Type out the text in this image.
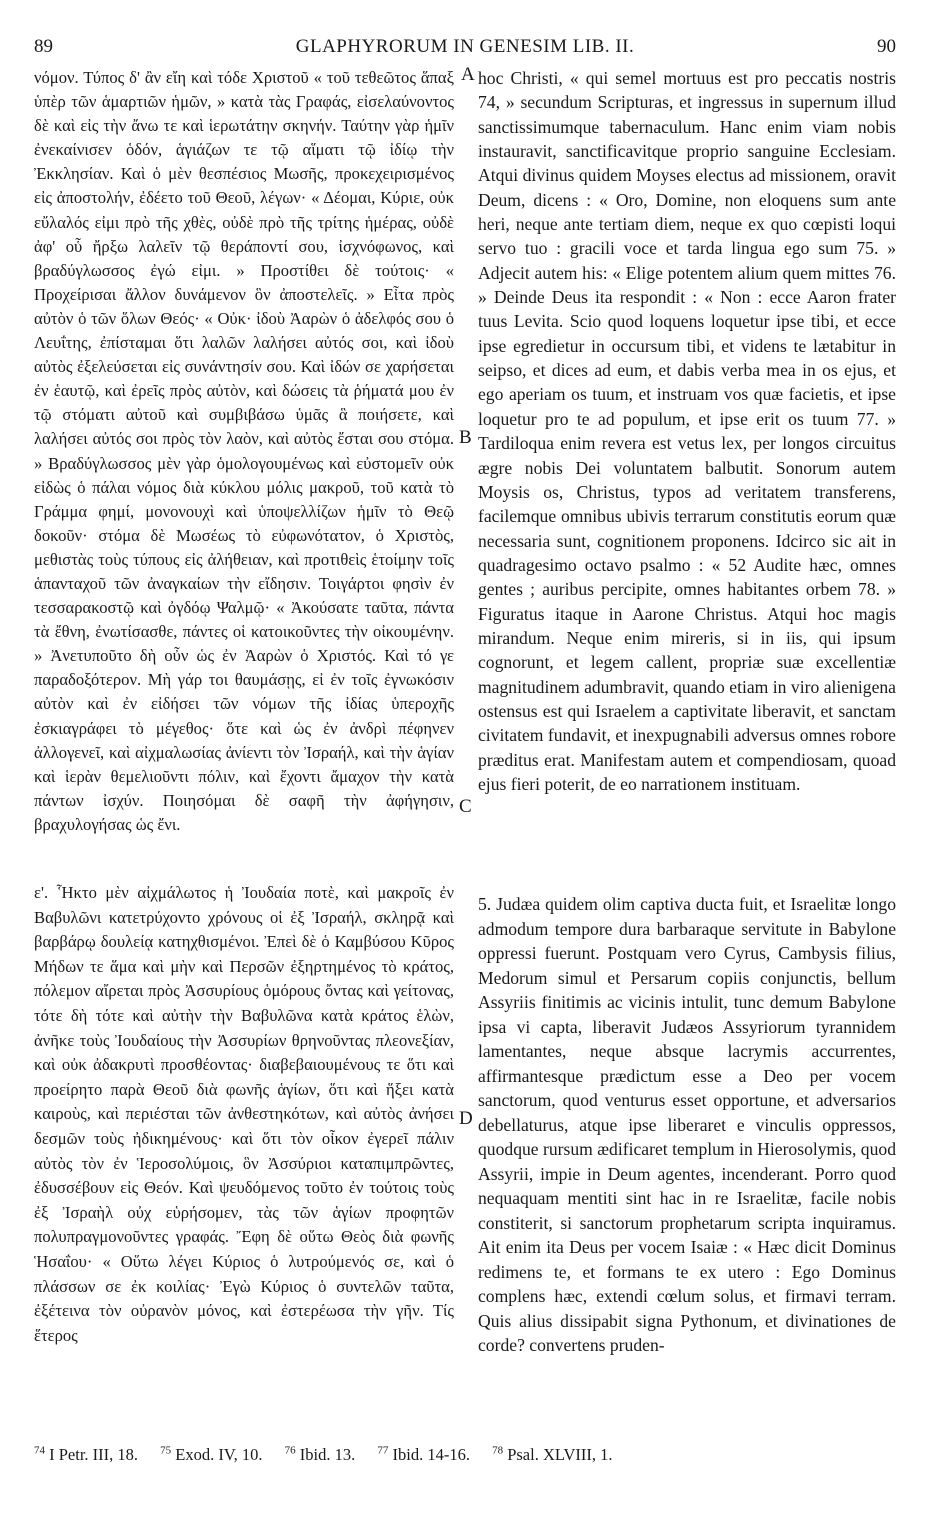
89	GLAPHYRORUM IN GENESIM LIB. II.	90
νόμον. Τύπος δ' ἂν εἴη καὶ τόδε Χριστοῦ « τοῦ τεθεῶτος ἅπαξ ὑπὲρ τῶν ἁμαρτιῶν ἡμῶν, » κατὰ τὰς Γραφάς, εἰσελαύνοντος δὲ καὶ εἰς τὴν ἄνω τε καὶ ἱερωτάτην σκηνήν. Ταύτην γὰρ ἡμῖν ἐνεκαίνισεν ὁδόν, ἁγιάζων τε τῷ αἵματι τῷ ἰδίῳ τὴν Ἐκκλησίαν. Καὶ ὁ μὲν θεσπέσιος Μωσῆς, προκεχειρισμένος εἰς ἀποστολήν, ἐδέετο τοῦ Θεοῦ, λέγων· « Δέομαι, Κύριε, οὐκ εὔλαλός εἰμι πρὸ τῆς χθὲς, οὐδὲ πρὸ τῆς τρίτης ἡμέρας, οὐδὲ ἀφ' οὗ ἤρξω λαλεῖν τῷ θεράποντί σου, ἰσχνόφωνος, καὶ βραδύγλωσσος ἐγώ εἰμι. » Προστίθει δὲ τούτοις· « Προχείρισαι ἄλλον δυνάμενον ὃν ἀποστελεῖς. » Εἶτα πρὸς αὐτὸν ὁ τῶν ὅλων Θεός· « Οὐκ· ἰδοὺ Ἀαρὼν ὁ ἀδελφός σου ὁ Λευΐτης, ἐπίσταμαι ὅτι λαλῶν λαλήσει αὐτός σοι, καὶ ἰδοὺ αὐτὸς ἐξελεύσεται εἰς συνάντησίν σου. Καὶ ἰδών σε χαρήσεται ἐν ἑαυτῷ, καὶ ἐρεῖς πρὸς αὐτὸν, καὶ δώσεις τὰ ῥήματά μου ἐν τῷ στόματι αὐτοῦ καὶ συμβιβάσω ὑμᾶς ἃ ποιήσετε, καὶ λαλήσει αὐτός σοι πρὸς τὸν λαὸν, καὶ αὐτὸς ἔσται σου στόμα. » Βραδύγλωσσος μὲν γὰρ ὁμολογουμένως καὶ εὐστομεῖν οὐκ εἰδὼς ὁ πάλαι νόμος διὰ κύκλου μόλις μακροῦ, τοῦ κατὰ τὸ Γράμμα φημί, μονονουχὶ καὶ ὑποψελλίζων ἡμῖν τὸ Θεῷ δοκοῦν· στόμα δὲ Μωσέως τὸ εὐφωνότατον, ὁ Χριστὸς, μεθιστὰς τοὺς τύπους εἰς ἀλήθειαν, καὶ προτιθεὶς ἑτοίμην τοῖς ἁπανταχοῦ τῶν ἀναγκαίων τὴν εἴδησιν. Τοιγάρτοι φησὶν ἐν τεσσαρακοστῷ καὶ ὀγδόῳ Ψαλμῷ· « Ἀκούσατε ταῦτα, πάντα τὰ ἔθνη, ἐνωτίσασθε, πάντες οἱ κατοικοῦντες τὴν οἰκουμένην. » Ἀνετυποῦτο δὴ οὖν ὡς ἐν Ἀαρὼν ὁ Χριστός. Καὶ τό γε παραδοξότερον. Μὴ γάρ τοι θαυμάσῃς, εἰ ἐν τοῖς ἐγνωκόσιν αὐτὸν καὶ ἐν εἰδήσει τῶν νόμων τῆς ἰδίας ὑπεροχῆς ἐσκιαγράφει τὸ μέγεθος· ὅτε καὶ ὡς ἐν ἀνδρὶ πέφηνεν ἀλλογενεῖ, καὶ αἰχμαλωσίας ἀνίεντι τὸν Ἰσραήλ, καὶ τὴν ἁγίαν καὶ ἱερὰν θεμελιοῦντι πόλιν, καὶ ἔχοντι ἄμαχον τὴν κατὰ πάντων ἰσχύν. Ποιησόμαι δὲ σαφῆ τὴν ἀφήγησιν, βραχυλογήσας ὡς ἔνι.
ε'. Ἧκτο μὲν αἰχμάλωτος ἡ Ἰουδαία ποτὲ, καὶ μακροῖς ἐν Βαβυλῶνι κατετρύχοντο χρόνους οἱ ἐξ Ἰσραήλ, σκληρᾷ καὶ βαρβάρῳ δουλείᾳ κατηχθισμένοι. Ἐπεὶ δὲ ὁ Καμβύσου Κῦρος Μήδων τε ἅμα καὶ μὴν καὶ Περσῶν ἐξηρτημένος τὸ κράτος, πόλεμον αἴρεται πρὸς Ἀσσυρίους ὁμόρους ὄντας καὶ γείτονας, τότε δὴ τότε καὶ αὐτὴν τὴν Βαβυλῶνα κατὰ κράτος ἑλὼν, ἀνῆκε τοὺς Ἰουδαίους τὴν Ἀσσυρίων θρηνοῦντας πλεονεξίαν, καὶ οὐκ ἀδακρυτὶ προσθέοντας· διαβεβαιουμένους τε ὅτι καὶ προείρητο παρὰ Θεοῦ διὰ φωνῆς ἁγίων, ὅτι καὶ ἥξει κατὰ καιροὺς, καὶ περιέσται τῶν ἀνθεστηκότων, καὶ αὐτὸς ἀνήσει δεσμῶν τοὺς ἠδικημένους· καὶ ὅτι τὸν οἶκον ἐγερεῖ πάλιν αὐτὸς τὸν ἐν Ἱεροσολύμοις, ὃν Ἀσσύριοι καταπιμπρῶντες, ἐδυσσέβουν εἰς Θεόν. Καὶ ψευδόμενος τοῦτο ἐν τούτοις τοὺς ἐξ Ἰσραὴλ οὐχ εὑρήσομεν, τὰς τῶν ἁγίων προφητῶν πολυπραγμονοῦντες γραφάς. Ἔφη δὲ οὕτω Θεὸς διὰ φωνῆς Ἡσαΐου· « Οὕτω λέγει Κύριος ὁ λυτρούμενός σε, καὶ ὁ πλάσσων σε ἐκ κοιλίας· Ἐγὼ Κύριος ὁ συντελῶν ταῦτα, ἐξέτεινα τὸν οὐρανὸν μόνος, καὶ ἐστερέωσα τὴν γῆν. Τίς ἕτερος
A
B
C
D
hoc Christi, « qui semel mortuus est pro peccatis nostris 74, » secundum Scripturas, et ingressus in supernum illud sanctissimumque tabernaculum. Hanc enim viam nobis instauravit, sanctificavitque proprio sanguine Ecclesiam. Atqui divinus quidem Moyses electus ad missionem, oravit Deum, dicens : « Oro, Domine, non eloquens sum ante heri, neque ante tertiam diem, neque ex quo cœpisti loqui servo tuo : gracili voce et tarda lingua ego sum 75. » Adjecit autem his: « Elige potentem alium quem mittes 76. » Deinde Deus ita respondit : « Non : ecce Aaron frater tuus Levita. Scio quod loquens loquetur ipse tibi, et ecce ipse egredietur in occursum tibi, et videns te lætabitur in seipso, et dices ad eum, et dabis verba mea in os ejus, et ego aperiam os tuum, et instruam vos quæ facietis, et ipse loquetur pro te ad populum, et ipse erit os tuum 77. » Tardiloqua enim revera est vetus lex, per longos circuitus ægre nobis Dei voluntatem balbutit. Sonorum autem Moysis os, Christus, typos ad veritatem transferens, facilemque omnibus ubivis terrarum constitutis eorum quæ necessaria sunt, cognitionem proponens. Idcirco sic ait in quadragesimo octavo psalmo : « 52 Audite hæc, omnes gentes ; auribus percipite, omnes habitantes orbem 78. » Figuratus itaque in Aarone Christus. Atqui hoc magis mirandum. Neque enim mireris, si in iis, qui ipsum cognorunt, et legem callent, propriæ suæ excellentiæ magnitudinem adumbravit, quando etiam in viro alienigena ostensus est qui Israelem a captivitate liberavit, et sanctam civitatem fundavit, et inexpugnabili adversus omnes robore præditus erat. Manifestam autem et compendiosam, quoad ejus fieri poterit, de eo narrationem instituam.
5. Judæa quidem olim captiva ducta fuit, et Israelitæ longo admodum tempore dura barbaraque servitute in Babylone oppressi fuerunt. Postquam vero Cyrus, Cambysis filius, Medorum simul et Persarum copiis conjunctis, bellum Assyriis finitimis ac vicinis intulit, tunc demum Babylone ipsa vi capta, liberavit Judæos Assyriorum tyrannidem lamentantes, neque absque lacrymis accurrentes, affirmantesque prædictum esse a Deo per vocem sanctorum, quod venturus esset opportune, et adversarios debellaturus, atque ipse liberaret e vinculis oppressos, quodque rursum ædificaret templum in Hierosolymis, quod Assyrii, impie in Deum agentes, incenderant. Porro quod nequaquam mentiti sint hac in re Israelitæ, facile nobis constiterit, si sanctorum prophetarum scripta inquiramus. Ait enim ita Deus per vocem Isaiæ : « Hæc dicit Dominus redimens te, et formans te ex utero : Ego Dominus complens hæc, extendi cœlum solus, et firmavi terram. Quis alius dissipabit signa Pythonum, et divinationes de corde? convertens pruden-
$^{74}$ I Petr. III, 18. $^{75}$ Exod. IV, 10. $^{76}$ Ibid. 13. $^{77}$ Ibid. 14-16. $^{78}$ Psal. XLVIII, 1.
